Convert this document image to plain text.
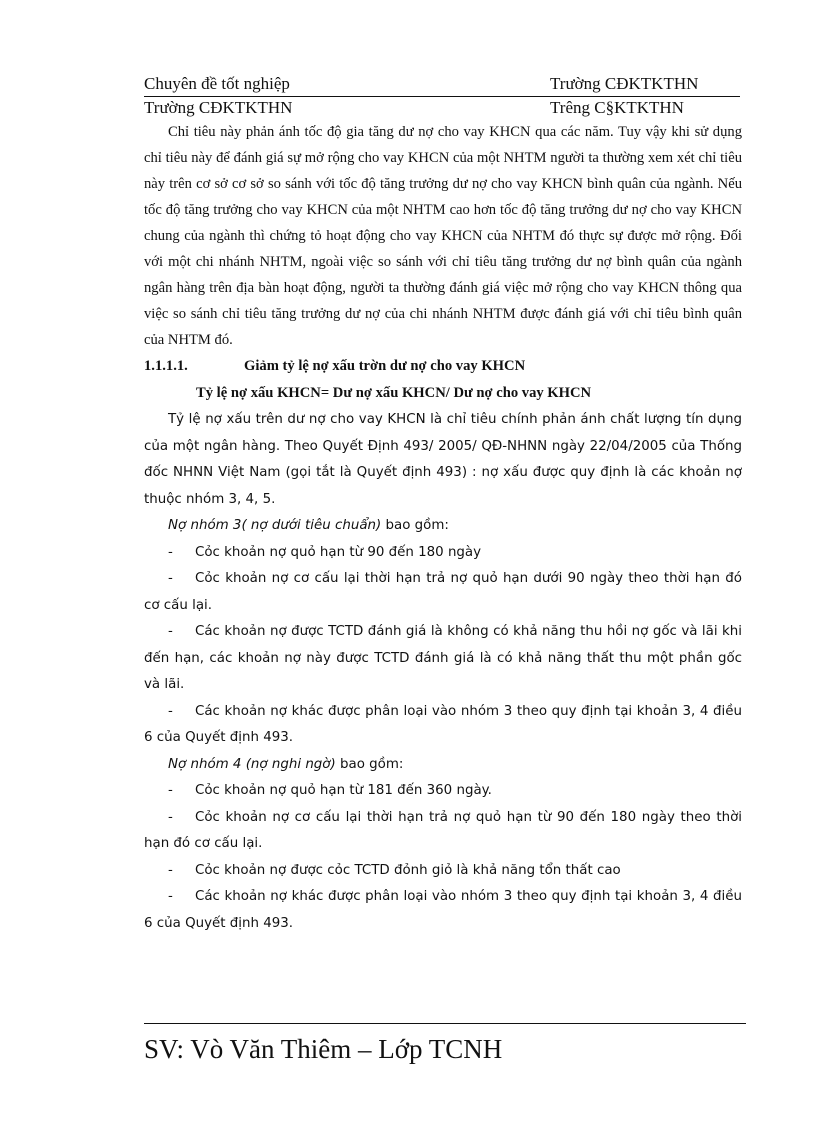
Chuyên đề tốt nghiệp	Trường CĐKTKTHN
Trường CĐKTKTHN	Trêng C§KTKTHN

Chỉ tiêu này phản ánh tốc độ gia tăng dư nợ cho vay KHCN qua các năm. Tuy vậy khi sử dụng chỉ tiêu này để đánh giá sự mở rộng cho vay KHCN của một NHTM người ta thường xem xét chỉ tiêu này trên cơ sở cơ sở so sánh với tốc độ tăng trưởng dư nợ cho vay KHCN bình quân của ngành. Nếu tốc độ tăng trưởng cho vay KHCN của một NHTM cao hơn tốc độ tăng trưởng dư nợ cho vay KHCN chung của ngành thì chứng tỏ hoạt động cho vay KHCN của NHTM đó thực sự được mở rộng. Đối với một chi nhánh NHTM, ngoài việc so sánh với chỉ tiêu tăng trưởng dư nợ bình quân của ngành ngân hàng trên địa bàn hoạt động, người ta thường đánh giá việc mở rộng cho vay KHCN thông qua việc so sánh chỉ tiêu tăng trưởng dư nợ của chi nhánh NHTM được đánh giá với chỉ tiêu bình quân của NHTM đó.

1.1.1.1.	Giảm tỷ lệ nợ xấu trờn dư nợ cho vay KHCN

Tỷ lệ nợ xấu KHCN= Dư nợ xấu KHCN/ Dư nợ cho vay KHCN

Tỷ lệ nợ xấu trên dư nợ cho vay KHCN là chỉ tiêu chính phản ánh chất lượng tín dụng của một ngân hàng. Theo Quyết Định 493/ 2005/ QĐ-NHNN ngày 22/04/2005 của Thống đốc NHNN Việt Nam (gọi tắt là Quyết định 493) : nợ xấu được quy định là các khoản nợ thuộc nhóm 3, 4, 5.

Nợ nhóm 3( nợ dưới tiêu chuẩn) bao gồm:

- Cỏc khoản nợ quỏ hạn từ 90 đến 180 ngày

- Cỏc khoản nợ cơ cấu lại thời hạn trả nợ quỏ hạn dưới 90 ngày theo thời hạn đó cơ cấu lại.

- Các khoản nợ được TCTD đánh giá là không có khả năng thu hồi nợ gốc và lãi khi đến hạn, các khoản nợ này được TCTD đánh giá là có khả năng thất thu một phần gốc và lãi.

- Các khoản nợ khác được phân loại vào nhóm 3 theo quy định tại khoản 3, 4 điều 6 của Quyết định 493.

Nợ nhóm 4 (nợ nghi ngờ) bao gồm:

- Cỏc khoản nợ quỏ hạn từ 181 đến 360 ngày.

- Cỏc khoản nợ cơ cấu lại thời hạn trả nợ quỏ hạn từ 90 đến 180 ngày theo thời hạn đó cơ cấu lại.

- Cỏc khoản nợ được cỏc TCTD đỏnh giỏ là khả năng tổn thất cao

- Các khoản nợ khác được phân loại vào nhóm 3 theo quy định tại khoản 3, 4 điều 6 của Quyết định 493.

SV: Vò Văn Thiêm – Lớp TCNH
